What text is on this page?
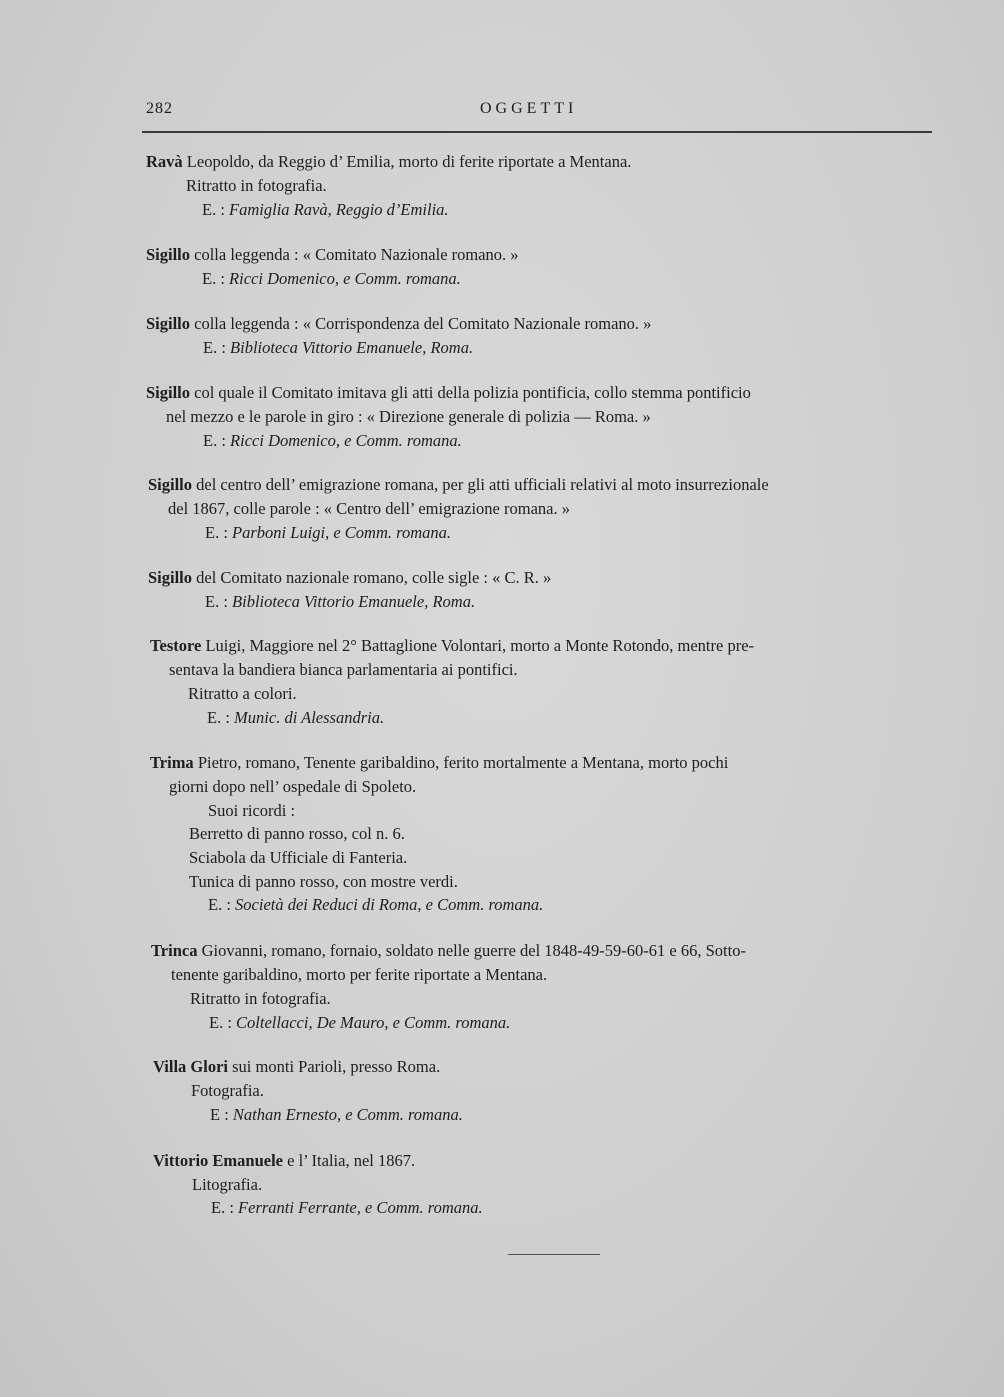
282	OGGETTI
Ravà Leopoldo, da Reggio d’ Emilia, morto di ferite riportate a Mentana.
Ritratto in fotografia.
E. : Famiglia Ravà, Reggio d’Emilia.
Sigillo colla leggenda : « Comitato Nazionale romano. »
E. : Ricci Domenico, e Comm. romana.
Sigillo colla leggenda : « Corrispondenza del Comitato Nazionale romano. »
E. : Biblioteca Vittorio Emanuele, Roma.
Sigillo col quale il Comitato imitava gli atti della polizia pontificia, collo stemma pontificio
nel mezzo e le parole in giro : « Direzione generale di polizia — Roma. »
E. : Ricci Domenico, e Comm. romana.
Sigillo del centro dell’ emigrazione romana, per gli atti ufficiali relativi al moto insurrezionale
del 1867, colle parole : « Centro dell’ emigrazione romana. »
E. : Parboni Luigi, e Comm. romana.
Sigillo del Comitato nazionale romano, colle sigle : « C. R. »
E. : Biblioteca Vittorio Emanuele, Roma.
Testore Luigi, Maggiore nel 2° Battaglione Volontari, morto a Monte Rotondo, mentre pre-
sentava la bandiera bianca parlamentaria ai pontifici.
Ritratto a colori.
E. : Munic. di Alessandria.
Trima Pietro, romano, Tenente garibaldino, ferito mortalmente a Mentana, morto pochi
giorni dopo nell’ ospedale di Spoleto.
Suoi ricordi :
Berretto di panno rosso, col n. 6.
Sciabola da Ufficiale di Fanteria.
Tunica di panno rosso, con mostre verdi.
E. : Società dei Reduci di Roma, e Comm. romana.
Trinca Giovanni, romano, fornaio, soldato nelle guerre del 1848-49-59-60-61 e 66, Sotto-
tenente garibaldino, morto per ferite riportate a Mentana.
Ritratto in fotografia.
E. : Coltellacci, De Mauro, e Comm. romana.
Villa Glori sui monti Parioli, presso Roma.
Fotografia.
E : Nathan Ernesto, e Comm. romana.
Vittorio Emanuele e l’ Italia, nel 1867.
Litografia.
E. : Ferranti Ferrante, e Comm. romana.
